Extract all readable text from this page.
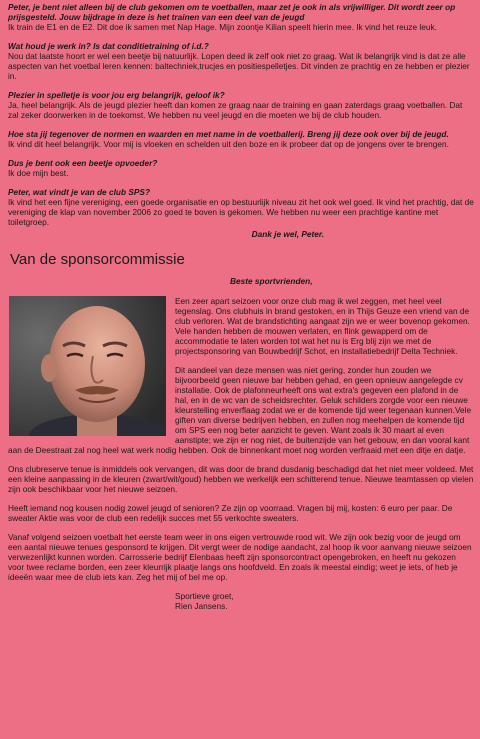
Peter, je bent niet alleen bij de club gekomen om te voetballen, maar zet je ook in als vrijwilliger. Dit wordt zeer op prijsgesteld. Jouw bijdrage in deze is het trainen van een deel van de jeugd

Ik train de E1 en de E2. Dit doe ik samen met Nap Hage. Mijn zoontje Kilian speelt hierin mee. Ik vind het reuze leuk.

Wat houd je werk in? Is dat conditietraining of i.d.?

Nou dat laatste hoort er wel een beetje bij natuurlijk. Lopen deed ik zelf ook niet zo graag. Wat ik belangrijk vind is dat ze alle aspecten van het voetbal leren kennen: baltechniek,trucjes en positiespelletjes. Dit vinden ze prachtig en ze hebben er plezier in.

Plezier in spelletje is voor jou erg belangrijk, geloof ik?

Ja, heel belangrijk. Als de jeugd plezier heeft dan komen ze graag naar de training en gaan zaterdags graag voetballen. Dat zal zeker doorwerken in de toekomst. We hebben nu veel jeugd en die moeten we bij de club houden.

Hoe sta jij tegenover de normen en waarden en met name in de voetballerij. Breng jij deze ook over bij de jeugd.

Ik vind dit heel belangrijk. Voor mij is vloeken en schelden uit den boze en ik probeer dat op de jongens over te brengen.

Dus je bent ook een beetje opvoeder?

Ik doe mijn best.

Peter, wat vindt je van de club SPS?

Ik vind het een fijne vereniging, een goede organisatie en op bestuurlijk niveau zit het ook wel goed. Ik vind het prachtig, dat de vereniging de klap van november 2006 zo goed te boven is gekomen. We hebben nu weer een prachtige kantine met toiletgroep.

Dank je wel, Peter.

Van de sponsorcommissie

Beste sportvrienden,

Een zeer apart seizoen voor onze club mag ik wel zeggen, met heel veel tegenslag. Ons clubhuis in brand gestoken, en in Thijs Geuze een vriend van de club verloren. Wat de brandstichting aangaat zijn we er weer bovenop gekomen. Vele handen hebben de mouwen verlaten, en flink gewapperd om de accommodatie te laten worden tot wat het nu is Erg blij zijn we met de projectsponsoring van Bouwbedrijf Schot, en installatiebedrijf Delta Techniek.

Dit aandeel van deze mensen was niet gering, zonder hun zouden we bijvoorbeeld geen nieuwe bar hebben gehad, en geen opnieuw aangelegde cv installatie. Ook de plafonneurheeft ons wat extra's gegeven een plafond in de hal, en in de wc van de scheidsrechter. Geluk schilders zorgde voor een nieuwe kleurstelling enverflaag zodat we er de komende tijd weer tegenaan kunnen.Vele giften van diverse bedrijven hebben, en zullen nog meehelpen de komende tijd om SPS een nog beter aanzicht te geven. Want zoals ik 30 maart al even aanstipte; we zijn er nog niet, de buitenzijde van het gebouw, en dan vooral kant aan de Deestraat zal nog heel wat werk nodig hebben. Ook de binnenkant moet nog worden verfraaid met een ditje en datje.

Ons clubreserve tenue is inmiddels ook vervangen, dit was door de brand dusdanig beschadigd dat het niet meer voldeed. Met een kleine aanpassing in de kleuren (zwart/wit/goud) hebben we werkelijk een schitterend tenue. Nieuwe teamtassen op vielen zijn ook beschikbaar voor het nieuwe seizoen.

Heeft iemand nog kousen nodig zowel jeugd of senioren? Ze zijn op voorraad. Vragen bij mij, kosten: 6 euro per paar. De sweater Aktie was voor de club een redelijk succes met 55 verkochte sweaters.

Vanaf volgend seizoen voetbalt het eerste team weer in ons eigen vertrouwde rood wit. We zijn ook bezig voor de jeugd om een aantal nieuwe tenues gesponsord te krijgen. Dit vergt weer de nodige aandacht, zal hoop ik voor aanvang nieuwe seizoen verwezenlijkt kunnen worden. Carrosserie bedrijf Elenbaas heeft zijn sponsorcontract opengebroken, en heeft nu gekozen voor twee reclame borden, een zeer kleurrijk plaatje langs ons hoofdveld. En zoals ik meestal eindig; weet je iets, of heb je ideeën waar mee de club iets kan. Zeg het mij of bel me op.

Sportieve groet,

Rien Jansens.
